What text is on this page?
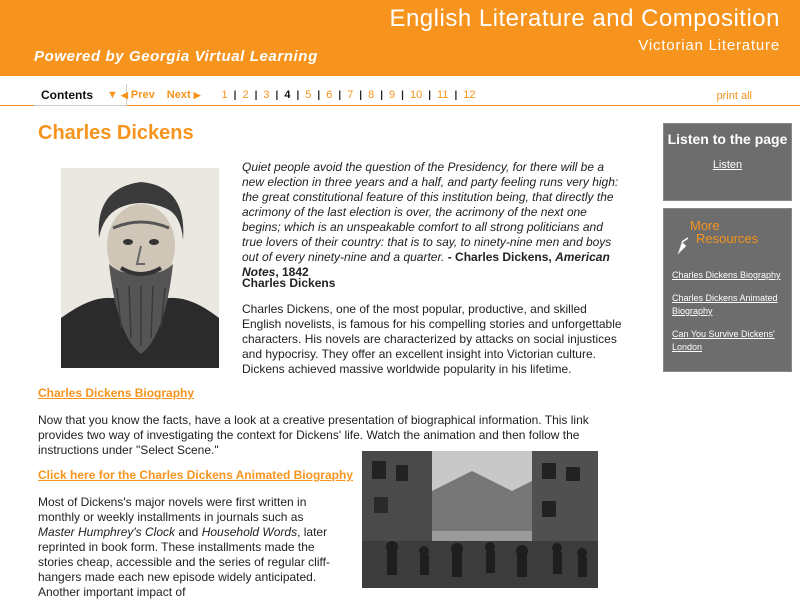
English Literature and Composition
Victorian Literature
Powered by Georgia Virtual Learning
Contents ▼ ◀ Prev Next ▶	1 | 2 | 3 | 4 | 5 | 6 | 7 | 8 | 9 | 10 | 11 | 12	print all
Charles Dickens
Quiet people avoid the question of the Presidency, for there will be a new election in three years and a half, and party feeling runs very high: the great constitutional feature of this institution being, that directly the acrimony of the last election is over, the acrimony of the next one begins; which is an unspeakable comfort to all strong politicians and true lovers of their country: that is to say, to ninety-nine men and boys out of every ninety-nine and a quarter. - Charles Dickens, American Notes, 1842
Charles Dickens

Charles Dickens, one of the most popular, productive, and skilled English novelists, is famous for his compelling stories and unforgettable characters. His novels are characterized by attacks on social injustices and hypocrisy. They offer an excellent insight into Victorian culture. Dickens achieved massive worldwide popularity in his lifetime.

Charles Dickens Biography

Now that you know the facts, have a look at a creative presentation of biographical information. This link provides two way of investigating the context for Dickens' life. Watch the animation and then follow the instructions under "Select Scene."

Click here for the Charles Dickens Animated Biography

Most of Dickens's major novels were first written in monthly or weekly installments in journals such as Master Humphrey's Clock and Household Words, later reprinted in book form. These installments made the stories cheap, accessible and the series of regular cliff-hangers made each new episode widely anticipated. Another important impact of

Listen to the page
Listen
More
Resources
Charles Dickens Biography
Charles Dickens Animated Biography
Can You Survive Dickens' London
